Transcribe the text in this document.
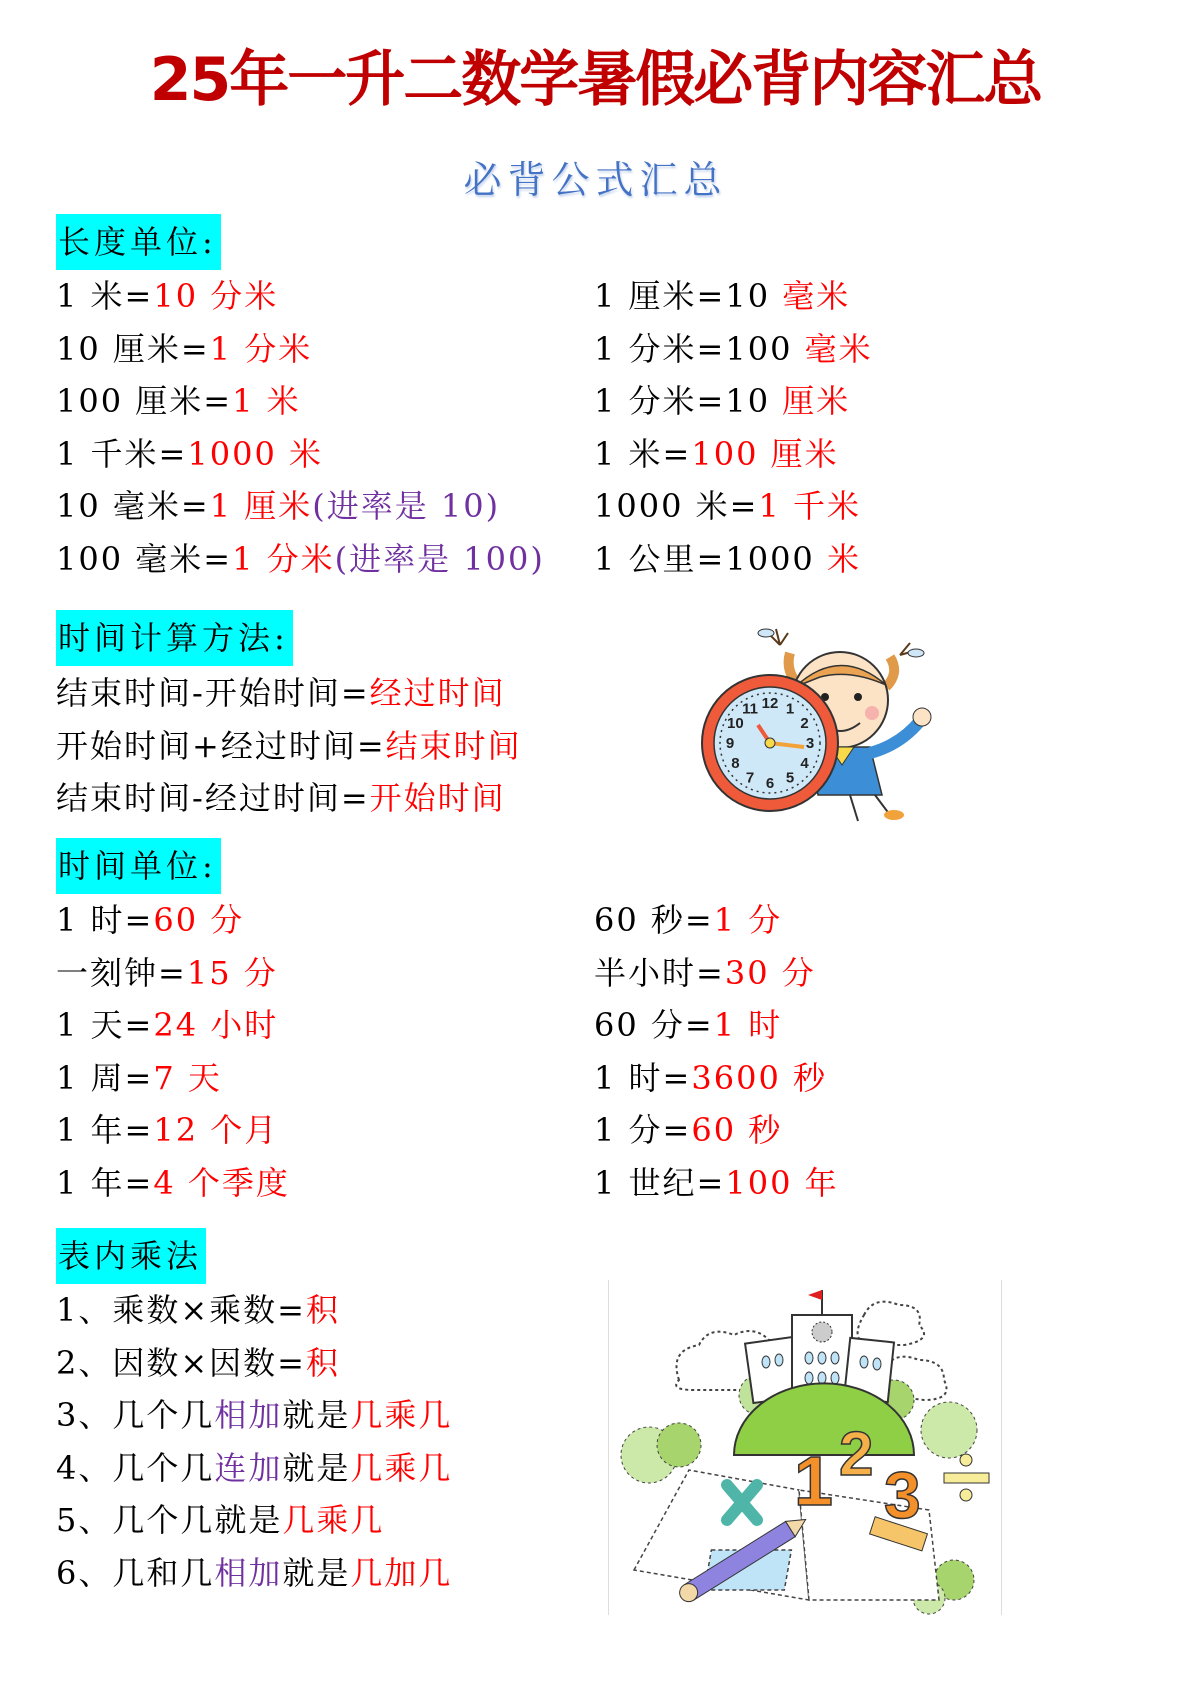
25年一升二数学暑假必背内容汇总
必背公式汇总
长度单位:
1 米=10 分米
10 厘米=1 分米
100 厘米=1 米
1 千米=1000 米
10 毫米=1 厘米(进率是 10)
100 毫米=1 分米(进率是 100)
1 厘米=10 毫米
1 分米=100 毫米
1 分米=10 厘米
1 米=100 厘米
1000 米=1 千米
1 公里=1000 米
时间计算方法:
结束时间-开始时间=经过时间
开始时间+经过时间=结束时间
结束时间-经过时间=开始时间
12 1
2
3
4
5
6
7
8
9
10
11
时间单位:
1 时=60 分
一刻钟=15 分
1 天=24 小时
1 周=7 天
1 年=12 个月
1 年=4 个季度
60 秒=1 分
半小时=30 分
60 分=1 时
1 时=3600 秒
1 分=60 秒
1 世纪=100 年
表内乘法
1、乘数×乘数=积
2、因数×因数=积
3、几个几相加就是几乘几
4、几个几连加就是几乘几
5、几个几就是几乘几
6、几和几相加就是几加几
1 2
3
